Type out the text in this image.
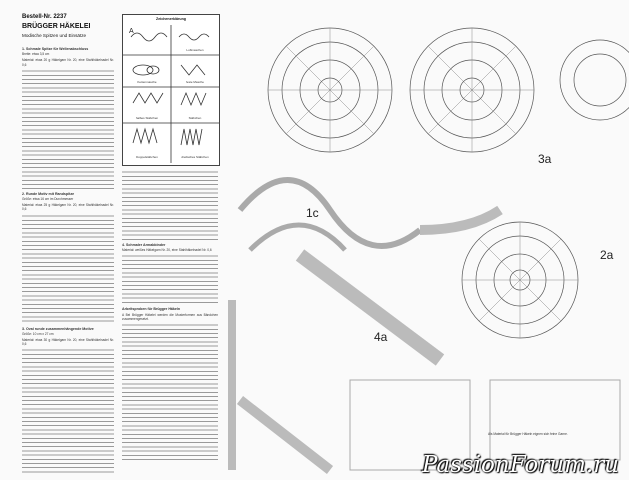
Bestell-Nr. 2237
BRÜGGER HÄKELEI
Modische Spitzen und Einsätze
1. Schmale Spitze für Wellenabschluss

Breite: etwa 3,5 cm

Material: etwa 20 g Häkelgarn Nr. 20, eine Stahlhäkelnadel Nr. 0,6

2. Runde Motiv mit Randspitze

Größe: etwa 16 cm im Durchmesser

Material: etwa 25 g Häkelgarn Nr. 20, eine Stahlhäkelnadel Nr. 0,6

3. Oval runde zusammenhängende Motive

Größe: 10 cm x 27 cm

Material: etwa 30 g Häkelgarn Nr. 20, eine Stahlhäkelnadel Nr. 0,6

Zeichenerklärung
A
Luftmaschen
Kettenmasche	feste Masche
halbes Stäbchen	Stäbchen
Doppelstäbchen	dreifaches Stäbchen
4. Schmaler Armabbinder

Material: weißes Häkelgarn Nr. 20, eine Stahlhäkelnadel Nr. 0,6

Arbeitsproben für Brügger Häkeln

A Bei Brügger Häkelei werden die Musterformen aus Bändchen zusammengesetzt.

1c
3a
2a
4a
Als Material für Brügger Häkeln eignen sich feine Garne.
PassionForum.ru
